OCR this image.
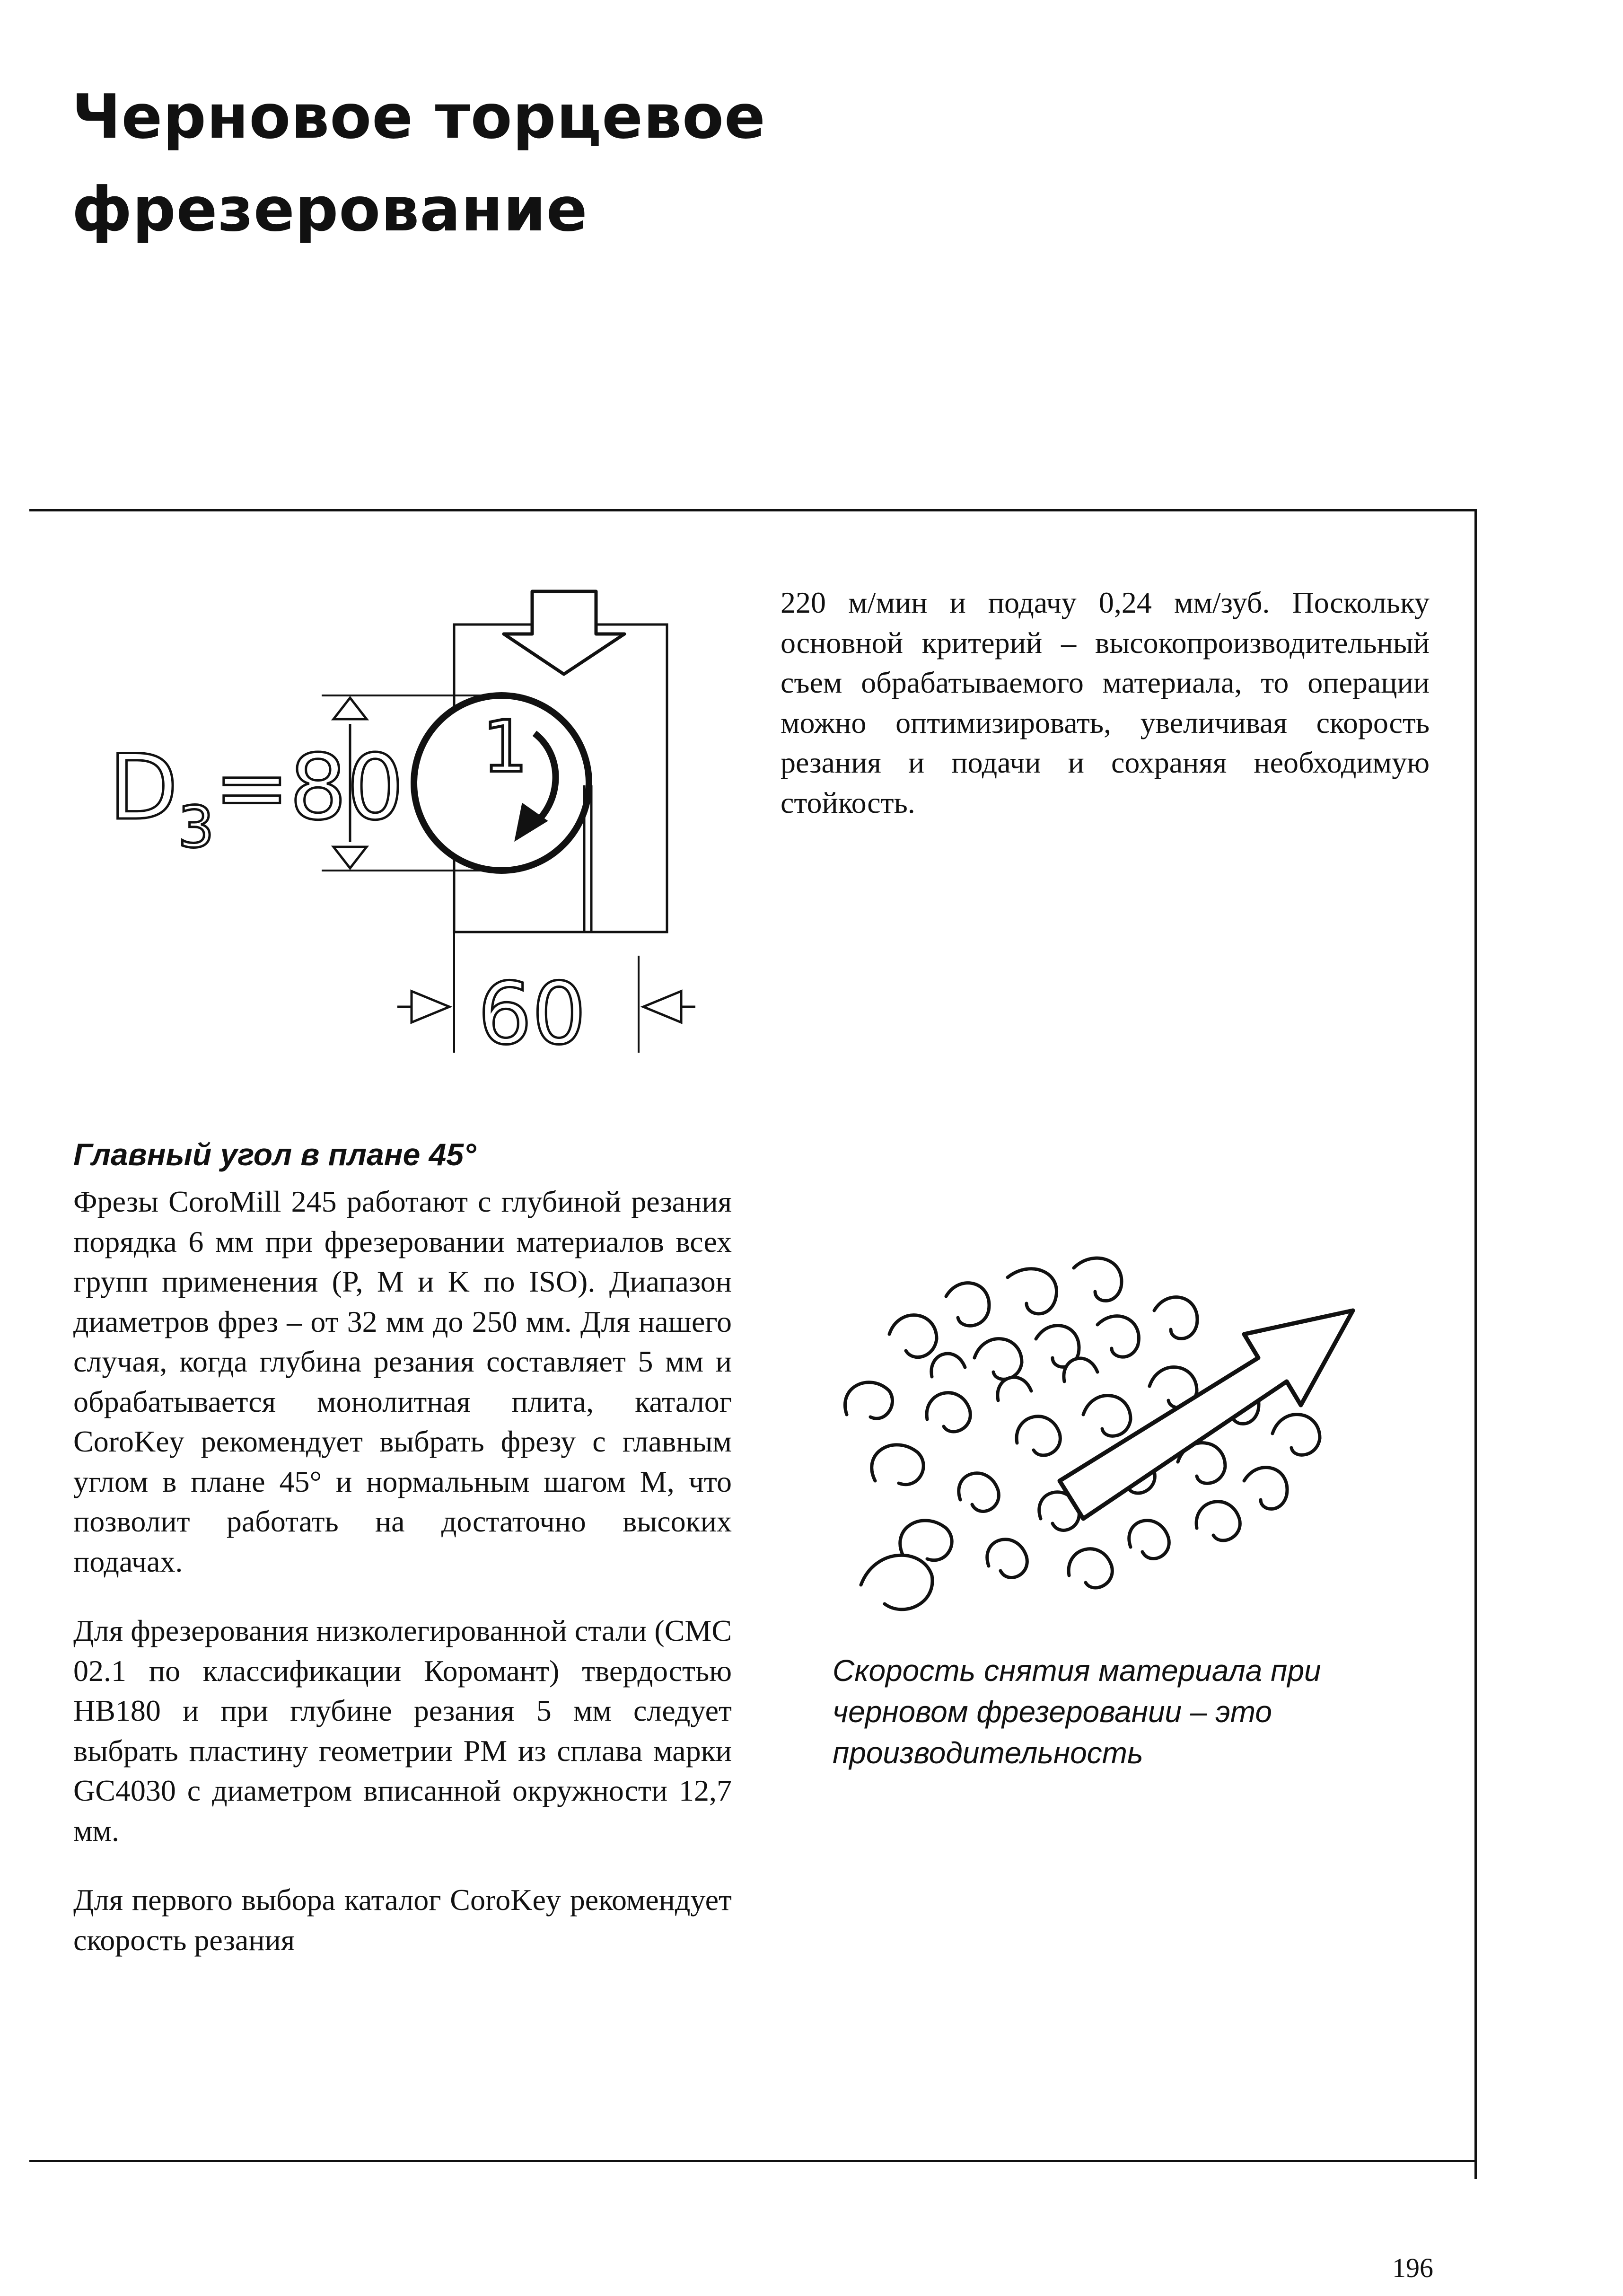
Черновое торцевое
фрезерование
1
$D_3=80$
60

220 м/мин и подачу 0,24 мм/зуб. Поскольку основной критерий – высокопроизводительный съем обрабатываемого материала, то операции можно оптимизировать, увеличивая скорость резания и подачи и сохраняя необходимую стойкость.

Главный угол в плане 45°

Фрезы CoroMill 245 работают с глубиной резания порядка 6 мм при фрезеровании материалов всех групп применения (P, M и K по ISO). Диапазон диаметров фрез – от 32 мм до 250 мм. Для нашего случая, когда глубина резания составляет 5 мм и обрабатывается монолитная плита, каталог CoroKey рекомендует выбрать фрезу с главным углом в плане 45° и нормальным шагом M, что позволит работать на достаточно высоких подачах.

Для фрезерования низколегированной стали (CMC 02.1 по классификации Коромант) твердостью HB180 и при глубине резания 5 мм следует выбрать пластину геометрии PM из сплава марки GC4030 с диаметром вписанной окружности 12,7 мм.

Для первого выбора каталог CoroKey рекомендует скорость резания

Скорость снятия материала при черновом фрезеровании – это производительность

196
